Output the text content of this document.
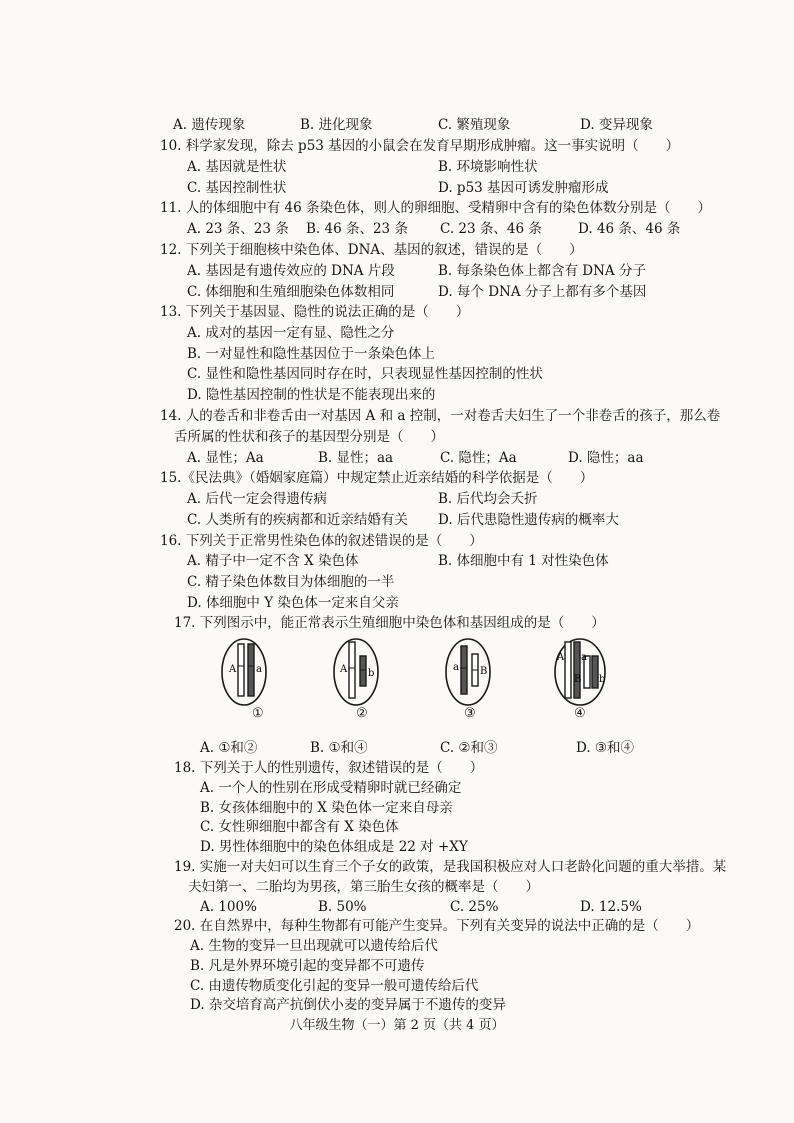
A. 遗传现象	B. 进化现象	C. 繁殖现象	D. 变异现象
10. 科学家发现，除去 p53 基因的小鼠会在发育早期形成肿瘤。这一事实说明（　　）
A. 基因就是性状	B. 环境影响性状
C. 基因控制性状	D. p53 基因可诱发肿瘤形成
11. 人的体细胞中有 46 条染色体，则人的卵细胞、受精卵中含有的染色体数分别是（　　）
A. 23 条、23 条 B. 46 条、23 条 C. 23 条、46 条	D. 46 条、46 条
12. 下列关于细胞核中染色体、DNA、基因的叙述，错误的是（　　）
A. 基因是有遗传效应的 DNA 片段	B. 每条染色体上都含有 DNA 分子
C. 体细胞和生殖细胞染色体数相同	D. 每个 DNA 分子上都有多个基因
13. 下列关于基因显、隐性的说法正确的是（　　）
A. 成对的基因一定有显、隐性之分
B. 一对显性和隐性基因位于一条染色体上
C. 显性和隐性基因同时存在时，只表现显性基因控制的性状
D. 隐性基因控制的性状是不能表现出来的
14. 人的卷舌和非卷舌由一对基因 A 和 a 控制，一对卷舌夫妇生了一个非卷舌的孩子，那么卷
舌所属的性状和孩子的基因型分别是（　　）
A. 显性；Aa	B. 显性；aa	C. 隐性；Aa	D. 隐性；aa
15.《民法典》（婚姻家庭篇）中规定禁止近亲结婚的科学依据是（　　）
A. 后代一定会得遗传病	B. 后代均会夭折
C. 人类所有的疾病都和近亲结婚有关 D. 后代患隐性遗传病的概率大
16. 下列关于正常男性染色体的叙述错误的是（　　）
A. 精子中一定不含 X 染色体	B. 体细胞中有 1 对性染色体
C. 精子染色体数目为体细胞的一半
D. 体细胞中 Y 染色体一定来自父亲
17. 下列图示中，能正常表示生殖细胞中染色体和基因组成的是（　　）
A a	A b
a B
A a
B b
①	②	③	④
A. ①和②	B. ①和④	C. ②和③	D. ③和④
18. 下列关于人的性别遗传，叙述错误的是（　　）
A. 一个人的性别在形成受精卵时就已经确定
B. 女孩体细胞中的 X 染色体一定来自母亲
C. 女性卵细胞中都含有 X 染色体
D. 男性体细胞中的染色体组成是 22 对 +XY
19. 实施一对夫妇可以生育三个子女的政策，是我国积极应对人口老龄化问题的重大举措。某
夫妇第一、二胎均为男孩，第三胎生女孩的概率是（　　）
A. 100%	B. 50%	C. 25%	D. 12.5%
20. 在自然界中，每种生物都有可能产生变异。下列有关变异的说法中正确的是（　　）
A. 生物的变异一旦出现就可以遗传给后代
B. 凡是外界环境引起的变异都不可遗传
C. 由遗传物质变化引起的变异一般可遗传给后代
D. 杂交培育高产抗倒伏小麦的变异属于不遗传的变异
八年级生物（一）第 2 页（共 4 页）
